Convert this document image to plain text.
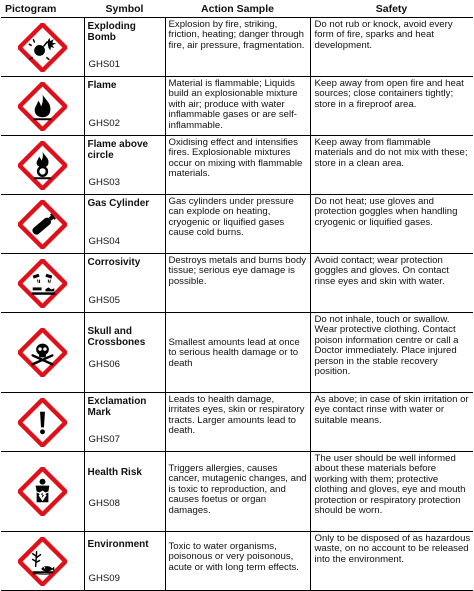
Pictogram	Symbol	Action Sample	Safety

Exploding Bomb
GHS01	Explosion by fire, striking, friction, heating; danger through fire, air pressure, fragmentation.	Do not rub or knock, avoid every form of fire, sparks and heat development.

Flame
GHS02	Material is flammable; Liquids build an explosionable mixture with air; produce with water inflammable gases or are self-inflammable.	Keep away from open fire and heat sources; close containers tightly; store in a fireproof area.

Flame above circle
GHS03	Oxidising effect and intensifies fires. Explosionable mixtures occur on mixing with flammable materials.	Keep away from flammable materials and do not mix with these; store in a clean area.

Gas Cylinder
GHS04	Gas cylinders under pressure can explode on heating, cryogenic or liquified gases cause cold burns.	Do not heat; use gloves and protection goggles when handling cryogenic or liquified gases.

Corrosivity
GHS05	Destroys metals and burns body tissue; serious eye damage is possible.	Avoid contact; wear protection goggles and gloves. On contact rinse eyes and skin with water.

Skull and Crossbones
GHS06	Smallest amounts lead at once to serious health damage or to death	Do not inhale, touch or swallow. Wear protective clothing. Contact poison information centre or call a Doctor immediately. Place injured person in the stable recovery position.

Exclamation Mark
GHS07	Leads to health damage, irritates eyes, skin or respiratory tracts. Larger amounts lead to death.	As above; in case of skin irritation or eye contact rinse with water or suitable means.

Health Risk
GHS08	Triggers allergies, causes cancer, mutagenic changes, and is toxic to reproduction, and causes foetus or organ damages.	The user should be well informed about these materials before working with them; protective clothing and gloves, eye and mouth protection or respiratory protection should be worn.

Environment
GHS09	Toxic to water organisms, poisonous or very poisonous, acute or with long term effects.	Only to be disposed of as hazardous waste, on no account to be released into the environment.
